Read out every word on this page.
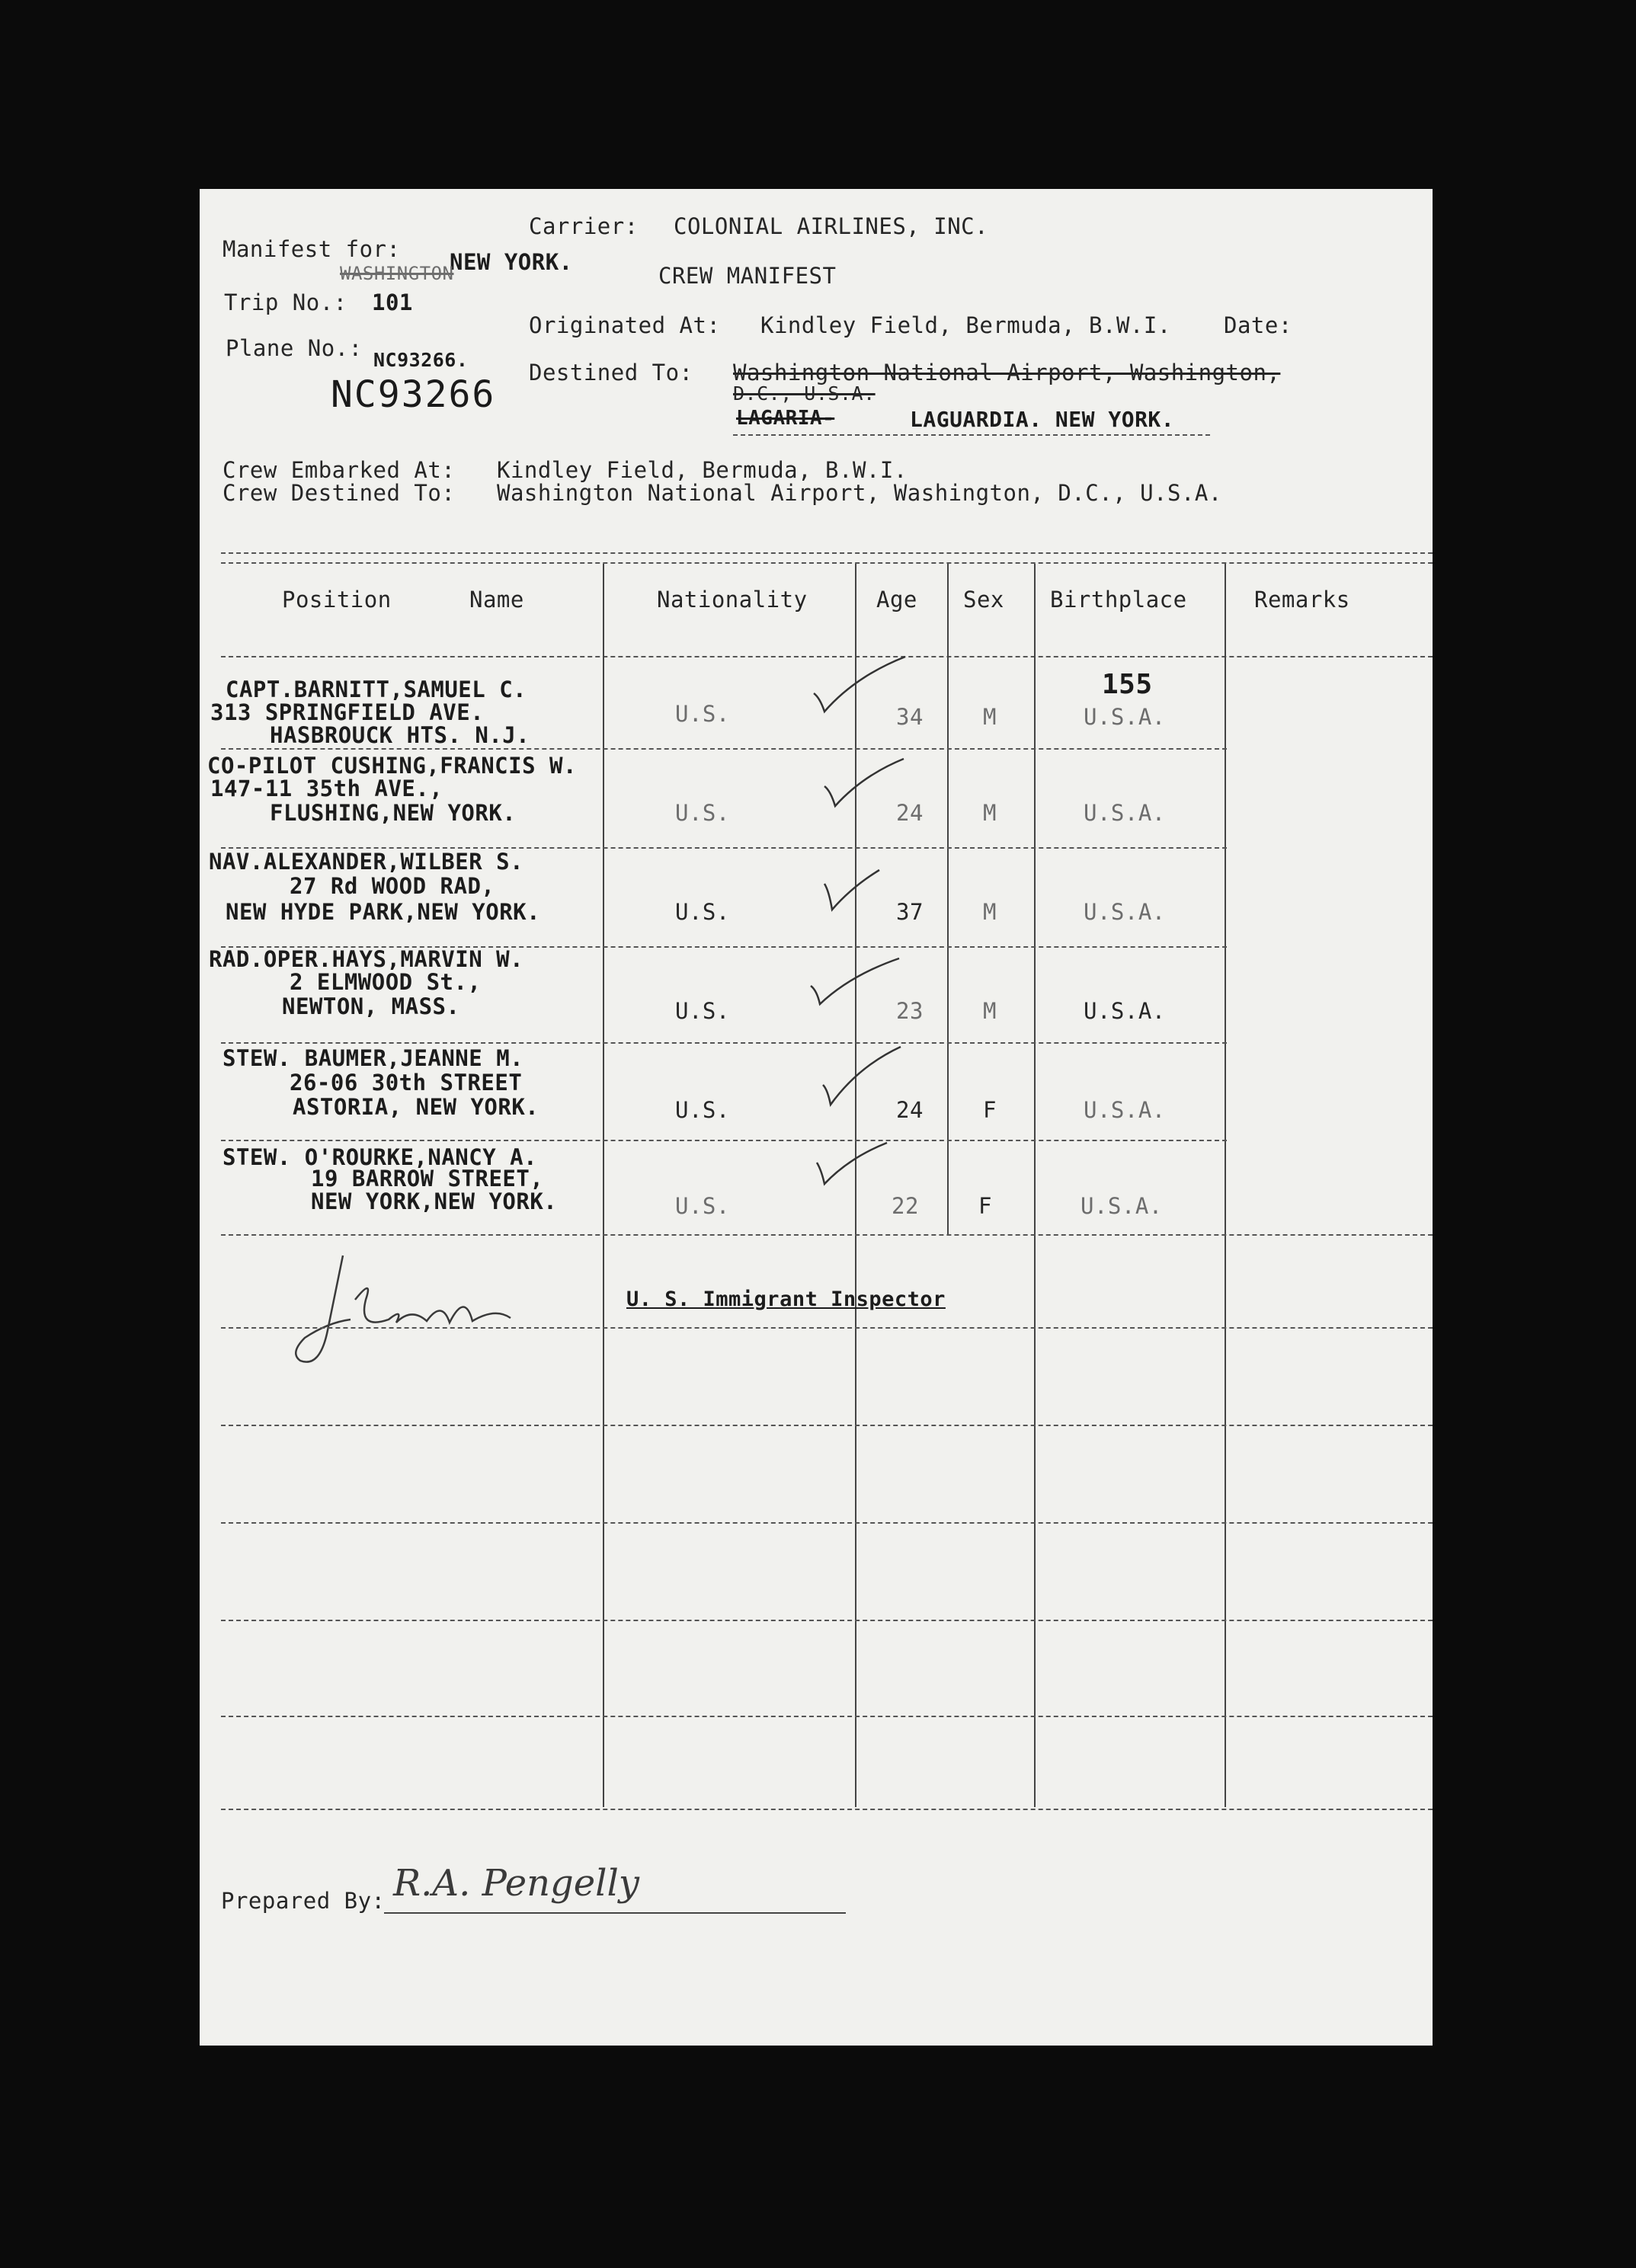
Carrier: COLONIAL AIRLINES, INC.
Manifest for: NEW YORK.
WASHINGTON	CREW MANIFEST
Trip No.: 101
Originated At: Kindley Field, Bermuda, B.W.I. Date:
Plane No.: NC93266.
NC93266
Destined To: Washington National Airport, Washington,
D.C., U.S.A.
LAGARIA-	LAGUARDIA. NEW YORK.
Crew Embarked At: Kindley Field, Bermuda, B.W.I.
Crew Destined To: Washington National Airport, Washington, D.C., U.S.A.
Position	Name	Nationality	Age Sex Birthplace	Remarks
155
CAPT.BARNITT,SAMUEL C.
313 SPRINGFIELD AVE.
HASBROUCK HTS. N.J.
U.S.	34	M	U.S.A.
CO-PILOT CUSHING,FRANCIS W.
147-11 35th AVE.,
FLUSHING,NEW YORK.	U.S.	24	M	U.S.A.
NAV.ALEXANDER,WILBER S.
27 Rd WOOD RAD,
NEW HYDE PARK,NEW YORK.	U.S.	37	M	U.S.A.
RAD.OPER.HAYS,MARVIN W.
2 ELMWOOD St.,
NEWTON, MASS.	U.S.	23	M	U.S.A.
STEW. BAUMER,JEANNE M.
26-06 30th STREET
ASTORIA, NEW YORK.	U.S.	24	F	U.S.A.
STEW. O'ROURKE,NANCY A.
19 BARROW STREET,
NEW YORK,NEW YORK.	U.S.	22	F	U.S.A.
U. S. Immigrant Inspector
Prepared By: R.A. Pengelly
